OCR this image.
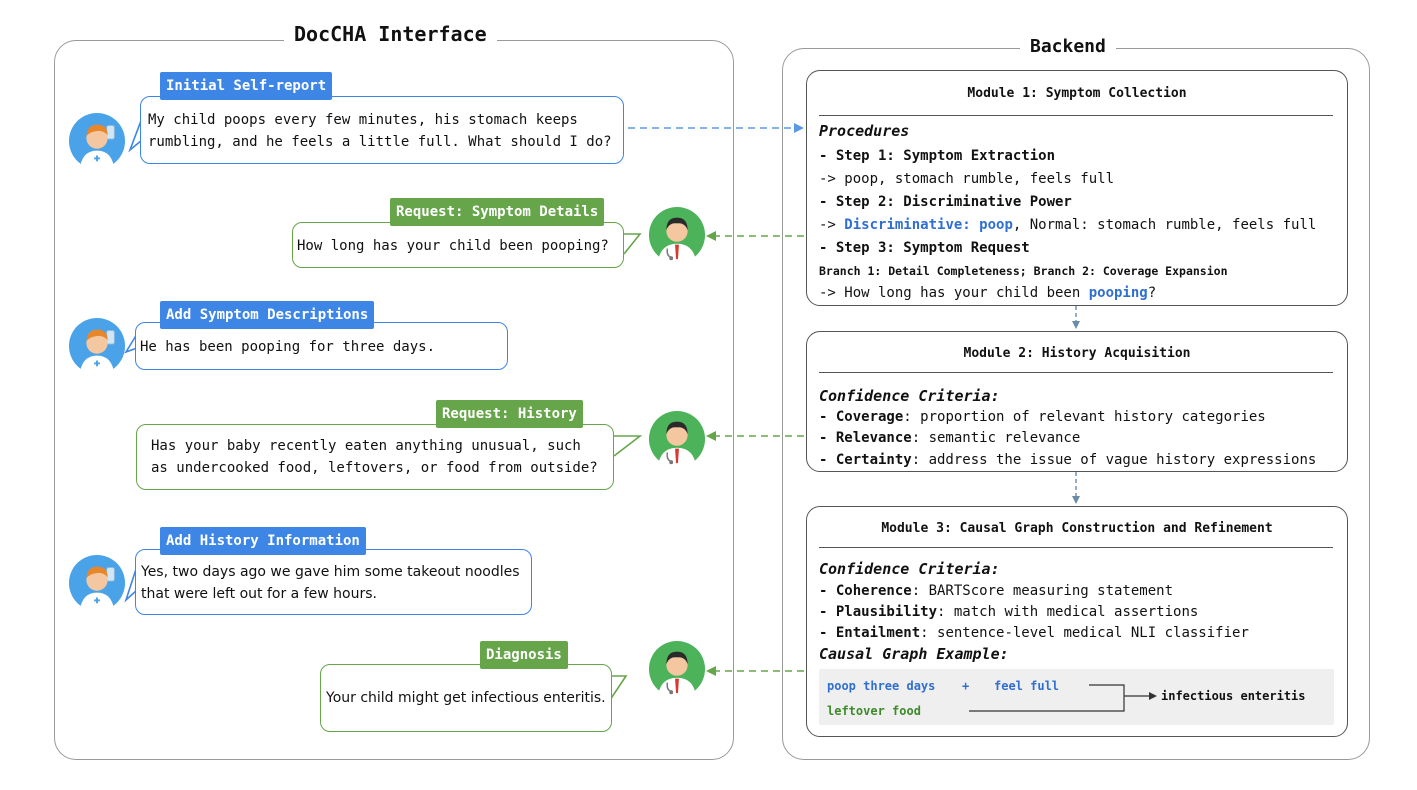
DocCHA Interface
My child poops every few minutes, his stomach keeps rumbling, and he feels a little full. What should I do?
Initial Self-report
How long has your child been pooping?
Request: Symptom Details
He has been pooping for three days.
Add Symptom Descriptions
Has your baby recently eaten anything unusual, such as undercooked food, leftovers, or food from outside?
Request: History
Yes, two days ago we gave him some takeout noodles that were left out for a few hours.
Add History Information
Your child might get infectious enteritis.
Diagnosis
Backend
Module 1: Symptom Collection
Procedures
- Step 1: Symptom Extraction
-> poop, stomach rumble, feels full
- Step 2: Discriminative Power
-> Discriminative: poop, Normal: stomach rumble, feels full
- Step 3: Symptom Request
Branch 1: Detail Completeness; Branch 2: Coverage Expansion
-> How long has your child been pooping?
Module 2: History Acquisition
Confidence Criteria:
- Coverage: proportion of relevant history categories
- Relevance: semantic relevance
- Certainty: address the issue of vague history expressions
Module 3: Causal Graph Construction and Refinement
Confidence Criteria:
- Coherence: BARTScore measuring statement
- Plausibility: match with medical assertions
- Entailment: sentence-level medical NLI classifier
Causal Graph Example:
poop three days + feel full
leftover food
infectious enteritis
